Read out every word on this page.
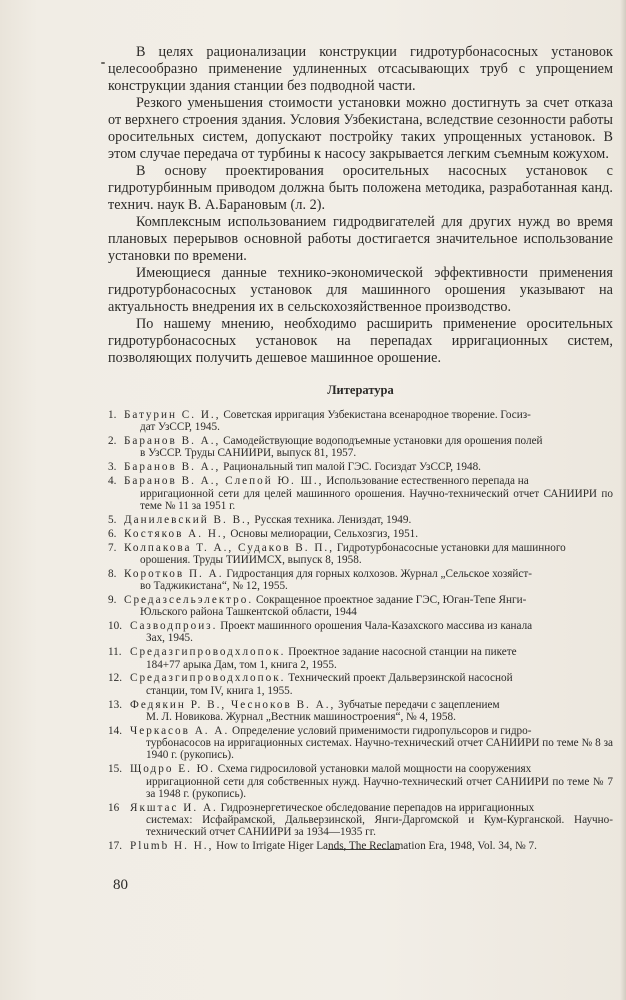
В целях рационализации конструкции гидротурбонасосных установок целесообразно применение удлиненных отсасывающих труб с упрощением конструкции здания станции без подводной части.

Резкого уменьшения стоимости установки можно достигнуть за счет отказа от верхнего строения здания. Условия Узбекистана, вследствие сезонности работы оросительных систем, допускают постройку таких упрощенных установок. В этом случае передача от турбины к насосу закрывается легким съемным кожухом.

В основу проектирования оросительных насосных установок с гидротурбинным приводом должна быть положена методика, разработанная канд. технич. наук В. А.Барановым (л. 2).

Комплексным использованием гидродвигателей для других нужд во время плановых перерывов основной работы достигается значительное использование установки по времени.

Имеющиеся данные технико-экономической эффективности применения гидротурбонасосных установок для машинного орошения указывают на актуальность внедрения их в сельскохозяйственное производство.

По нашему мнению, необходимо расширить применение оросительных гидротурбонасосных установок на перепадах ирригационных систем, позволяющих получить дешевое машинное орошение.

Литература
1. Батурин С. И., Советская ирригация Узбекистана всенародное творение. Госиз-
дат УзССР, 1945.
2. Баранов В. А., Самодействующие водоподъемные установки для орошения полей
в УзССР. Труды САНИИРИ, выпуск 81, 1957.
3. Баранов В. А., Рациональный тип малой ГЭС. Госиздат УзССР, 1948.
4. Баранов В. А., Слепой Ю. Ш., Использование естественного перепада на
ирригационной сети для целей машинного орошения. Научно-технический отчет САНИИРИ по теме № 11 за 1951 г.
5. Данилевский В. В., Русская техника. Лениздат, 1949.
6. Костяков А. Н., Основы мелиорации, Сельхозгиз, 1951.
7. Колпакова Т. А., Судаков В. П., Гидротурбонасосные установки для машинного
орошения. Труды ТИИИМСХ, выпуск 8, 1958.
8. Коротков П. А. Гидростанция для горных колхозов. Журнал „Сельское хозяйст-
во Таджикистана“, № 12, 1955.
9. Средазсельэлектро. Сокращенное проектное задание ГЭС, Юган-Тепе Янги-
Юльского района Ташкентской области, 1944
10. Сазводпроиз. Проект машинного орошения Чала-Казахского массива из канала
Зах, 1945.
11. Средазгипроводхлопок. Проектное задание насосной станции на пикете
184+77 арыка Дам, том 1, книга 2, 1955.
12. Средазгипроводхлопок. Технический проект Дальверзинской насосной
станции, том IV, книга 1, 1955.
13. Федякин Р. В., Чесноков В. А., Зубчатые передачи с зацеплением
М. Л. Новикова. Журнал „Вестник машиностроения“, № 4, 1958.
14. Черкасов А. А. Определение условий применимости гидропульсоров и гидро-
турбонасосов на ирригационных системах. Научно-технический отчет САНИИРИ по теме № 8 за 1940 г. (рукопись).
15. Щодро Е. Ю. Схема гидросиловой установки малой мощности на сооружениях
ирригационной сети для собственных нужд. Научно-технический отчет САНИИРИ по теме № 7 за 1948 г. (рукопись).
16 Якштас И. А. Гидроэнергетическое обследование перепадов на ирригационных
системах: Исфайрамской, Дальверзинской, Янги-Даргомской и Кум-Курганской. Научно-технический отчет САНИИРИ за 1934—1935 гг.
17. Plumb H. H., How to Irrigate Higer Lands, The Reclamation Era, 1948, Vol. 34, № 7.
80
